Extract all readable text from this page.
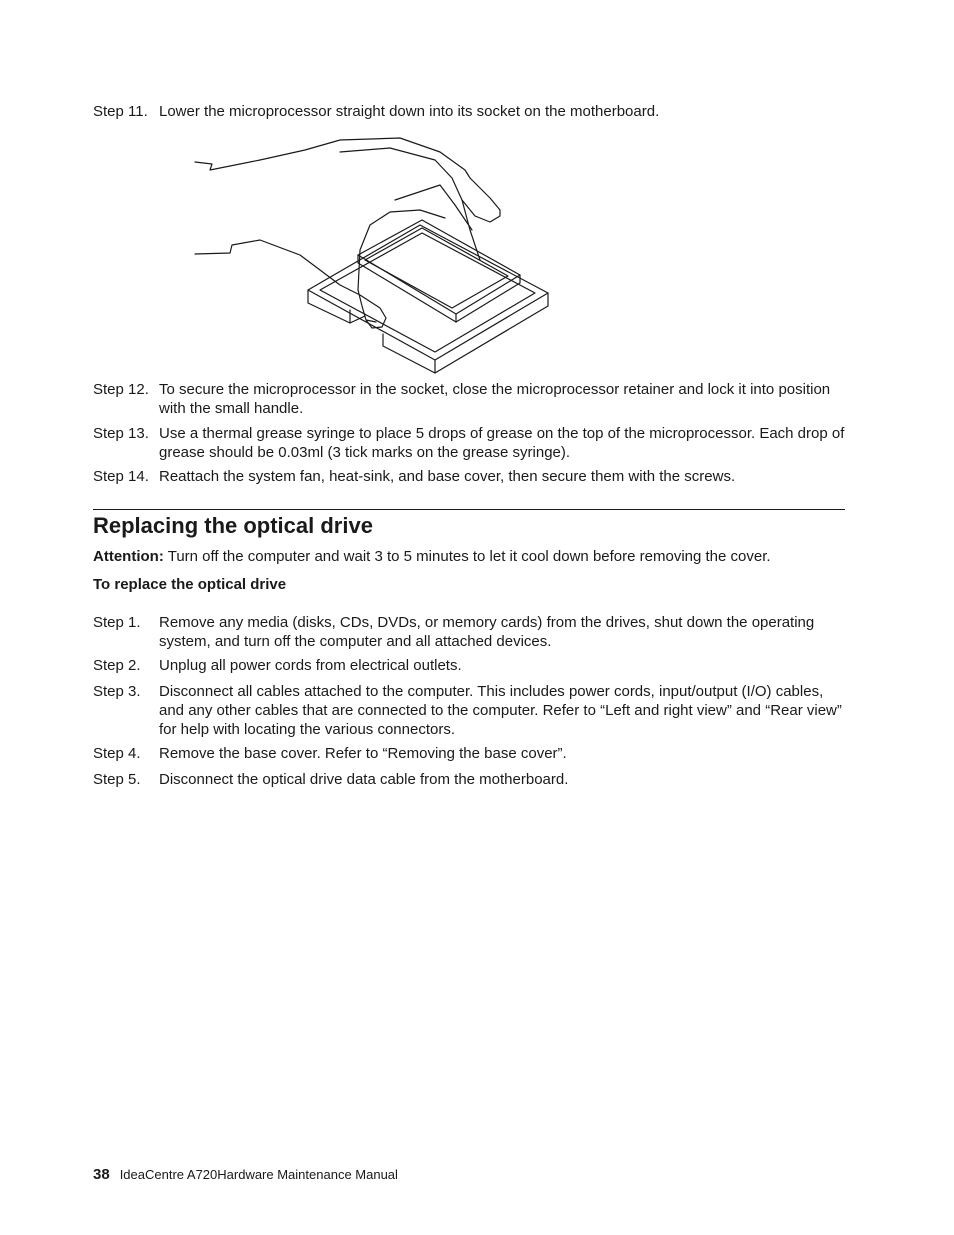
Step 11. Lower the microprocessor straight down into its socket on the motherboard.
Step 12. To secure the microprocessor in the socket, close the microprocessor retainer and lock it into position with the small handle.
Step 13. Use a thermal grease syringe to place 5 drops of grease on the top of the microprocessor. Each drop of grease should be 0.03ml (3 tick marks on the grease syringe).
Step 14. Reattach the system fan, heat-sink, and base cover, then secure them with the screws.
Replacing the optical drive
Attention: Turn off the computer and wait 3 to 5 minutes to let it cool down before removing the cover.
To replace the optical drive
Step 1.	Remove any media (disks, CDs, DVDs, or memory cards) from the drives, shut down the operating system, and turn off the computer and all attached devices.
Step 2.	Unplug all power cords from electrical outlets.
Step 3.	Disconnect all cables attached to the computer. This includes power cords, input/output (I/O) cables, and any other cables that are connected to the computer. Refer to “Left and right view” and “Rear view” for help with locating the various connectors.
Step 4.	Remove the base cover. Refer to “Removing the base cover”.
Step 5.	Disconnect the optical drive data cable from the motherboard.
38 IdeaCentre A720Hardware Maintenance Manual
